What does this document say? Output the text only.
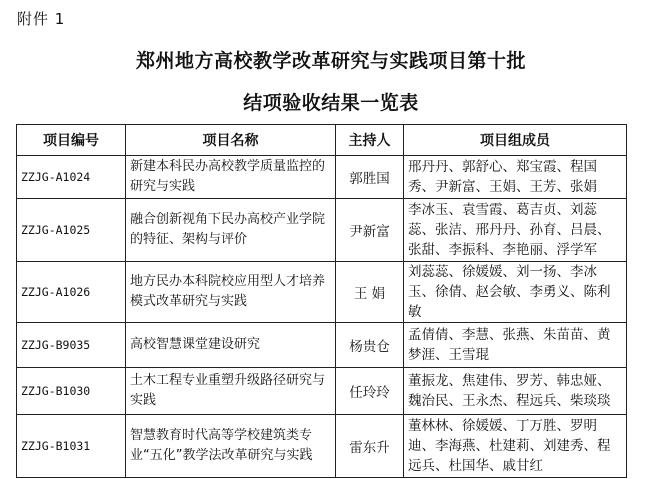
附件 1
郑州地方高校教学改革研究与实践项目第十批
结项验收结果一览表
项目编号	项目名称	主持人	项目组成员
ZZJG-A1024	新建本科民办高校教学质量监控的研究与实践	郭胜国	邢丹丹、郭舒心、郑宝霞、程国秀、尹新富、王娟、王芳、张娟
ZZJG-A1025	融合创新视角下民办高校产业学院的特征、架构与评价	尹新富	李冰玉、袁雪霞、葛吉贞、刘蕊蕊、张洁、邢丹丹、孙育、吕晨、张甜、李振科、李艳丽、浮学军
ZZJG-A1026	地方民办本科院校应用型人才培养模式改革研究与实践	王 娟	刘蕊蕊、徐媛媛、刘一扬、李冰玉、徐倩、赵会敏、李勇义、陈利敏
ZZJG-B9035	高校智慧课堂建设研究	杨贵仓	孟倩倩、李慧、张燕、朱苗苗、黄梦涯、王雪琨
ZZJG-B1030	土木工程专业重塑升级路径研究与实践	任玲玲	董振龙、焦建伟、罗芳、韩忠娅、魏治民、王永杰、程远兵、柴琰琰
ZZJG-B1031	智慧教育时代高等学校建筑类专业“五化”教学法改革研究与实践	雷东升	董林林、徐媛媛、丁万胜、罗明迪、李海燕、杜建莉、刘建秀、程远兵、杜国华、戚甘红
